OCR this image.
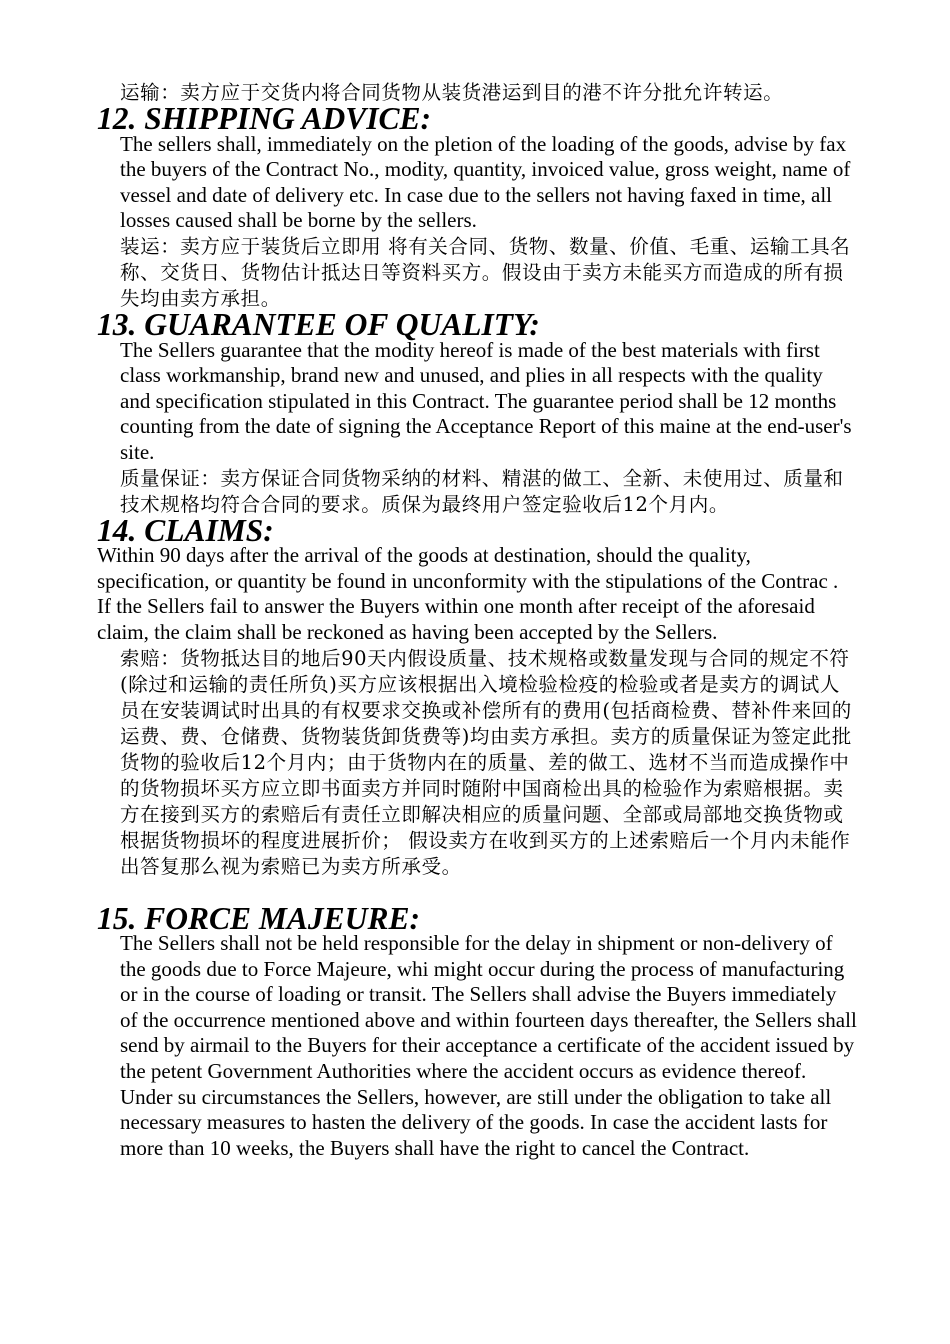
运输：卖方应于交货内将合同货物从装货港运到目的港不许分批允许转运。

12. SHIPPING ADVICE:

The sellers shall, immediately on the pletion of the loading of the goods, advise by fax the buyers of the Contract No., modity, quantity, invoiced value, gross weight, name of vessel and date of delivery etc. In case due to the sellers not having faxed in time, all losses caused shall be borne by the sellers.

装运：卖方应于装货后立即用 将有关合同、货物、数量、价值、毛重、运输工具名称、交货日、货物估计抵达日等资料买方。假设由于卖方未能买方而造成的所有损失均由卖方承担。

13. GUARANTEE OF QUALITY:

The Sellers guarantee that the modity hereof is made of the best materials with first class workmanship, brand new and unused, and plies in all respects with the quality and specification stipulated in this Contract. The guarantee period shall be 12 months counting from the date of signing the Acceptance Report of this maine at the end-user's site.

质量保证：卖方保证合同货物采纳的材料、精湛的做工、全新、未使用过、质量和技术规格均符合合同的要求。质保为最终用户签定验收后12个月内。

14. CLAIMS:

Within 90 days after the arrival of the goods at destination, should the quality, specification, or quantity be found in unconformity with the stipulations of the Contrac . If the Sellers fail to answer the Buyers within one month after receipt of the aforesaid claim, the claim shall be reckoned as having been accepted by the Sellers.

索赔：货物抵达目的地后90天内假设质量、技术规格或数量发现与合同的规定不符(除过和运输的责任所负)买方应该根据出入境检验检疫的检验或者是卖方的调试人员在安装调试时出具的有权要求交换或补偿所有的费用(包括商检费、替补件来回的运费、费、仓储费、货物装货卸货费等)均由卖方承担。卖方的质量保证为签定此批货物的验收后12个月内；由于货物内在的质量、差的做工、选材不当而造成操作中的货物损坏买方应立即书面卖方并同时随附中国商检出具的检验作为索赔根据。卖方在接到买方的索赔后有责任立即解决相应的质量问题、全部或局部地交换货物或根据货物损坏的程度进展折价； 假设卖方在收到买方的上述索赔后一个月内未能作出答复那么视为索赔已为卖方所承受。

15. FORCE MAJEURE:

The Sellers shall not be held responsible for the delay in shipment or non-delivery of the goods due to Force Majeure, whi might occur during the process of manufacturing or in the course of loading or transit. The Sellers shall advise the Buyers immediately of the occurrence mentioned above and within fourteen days thereafter, the Sellers shall send by airmail to the Buyers for their acceptance a certificate of the accident issued by the petent Government Authorities where the accident occurs as evidence thereof. Under su circumstances the Sellers, however, are still under the obligation to take all necessary measures to hasten the delivery of the goods. In case the accident lasts for more than 10 weeks, the Buyers shall have the right to cancel the Contract.
